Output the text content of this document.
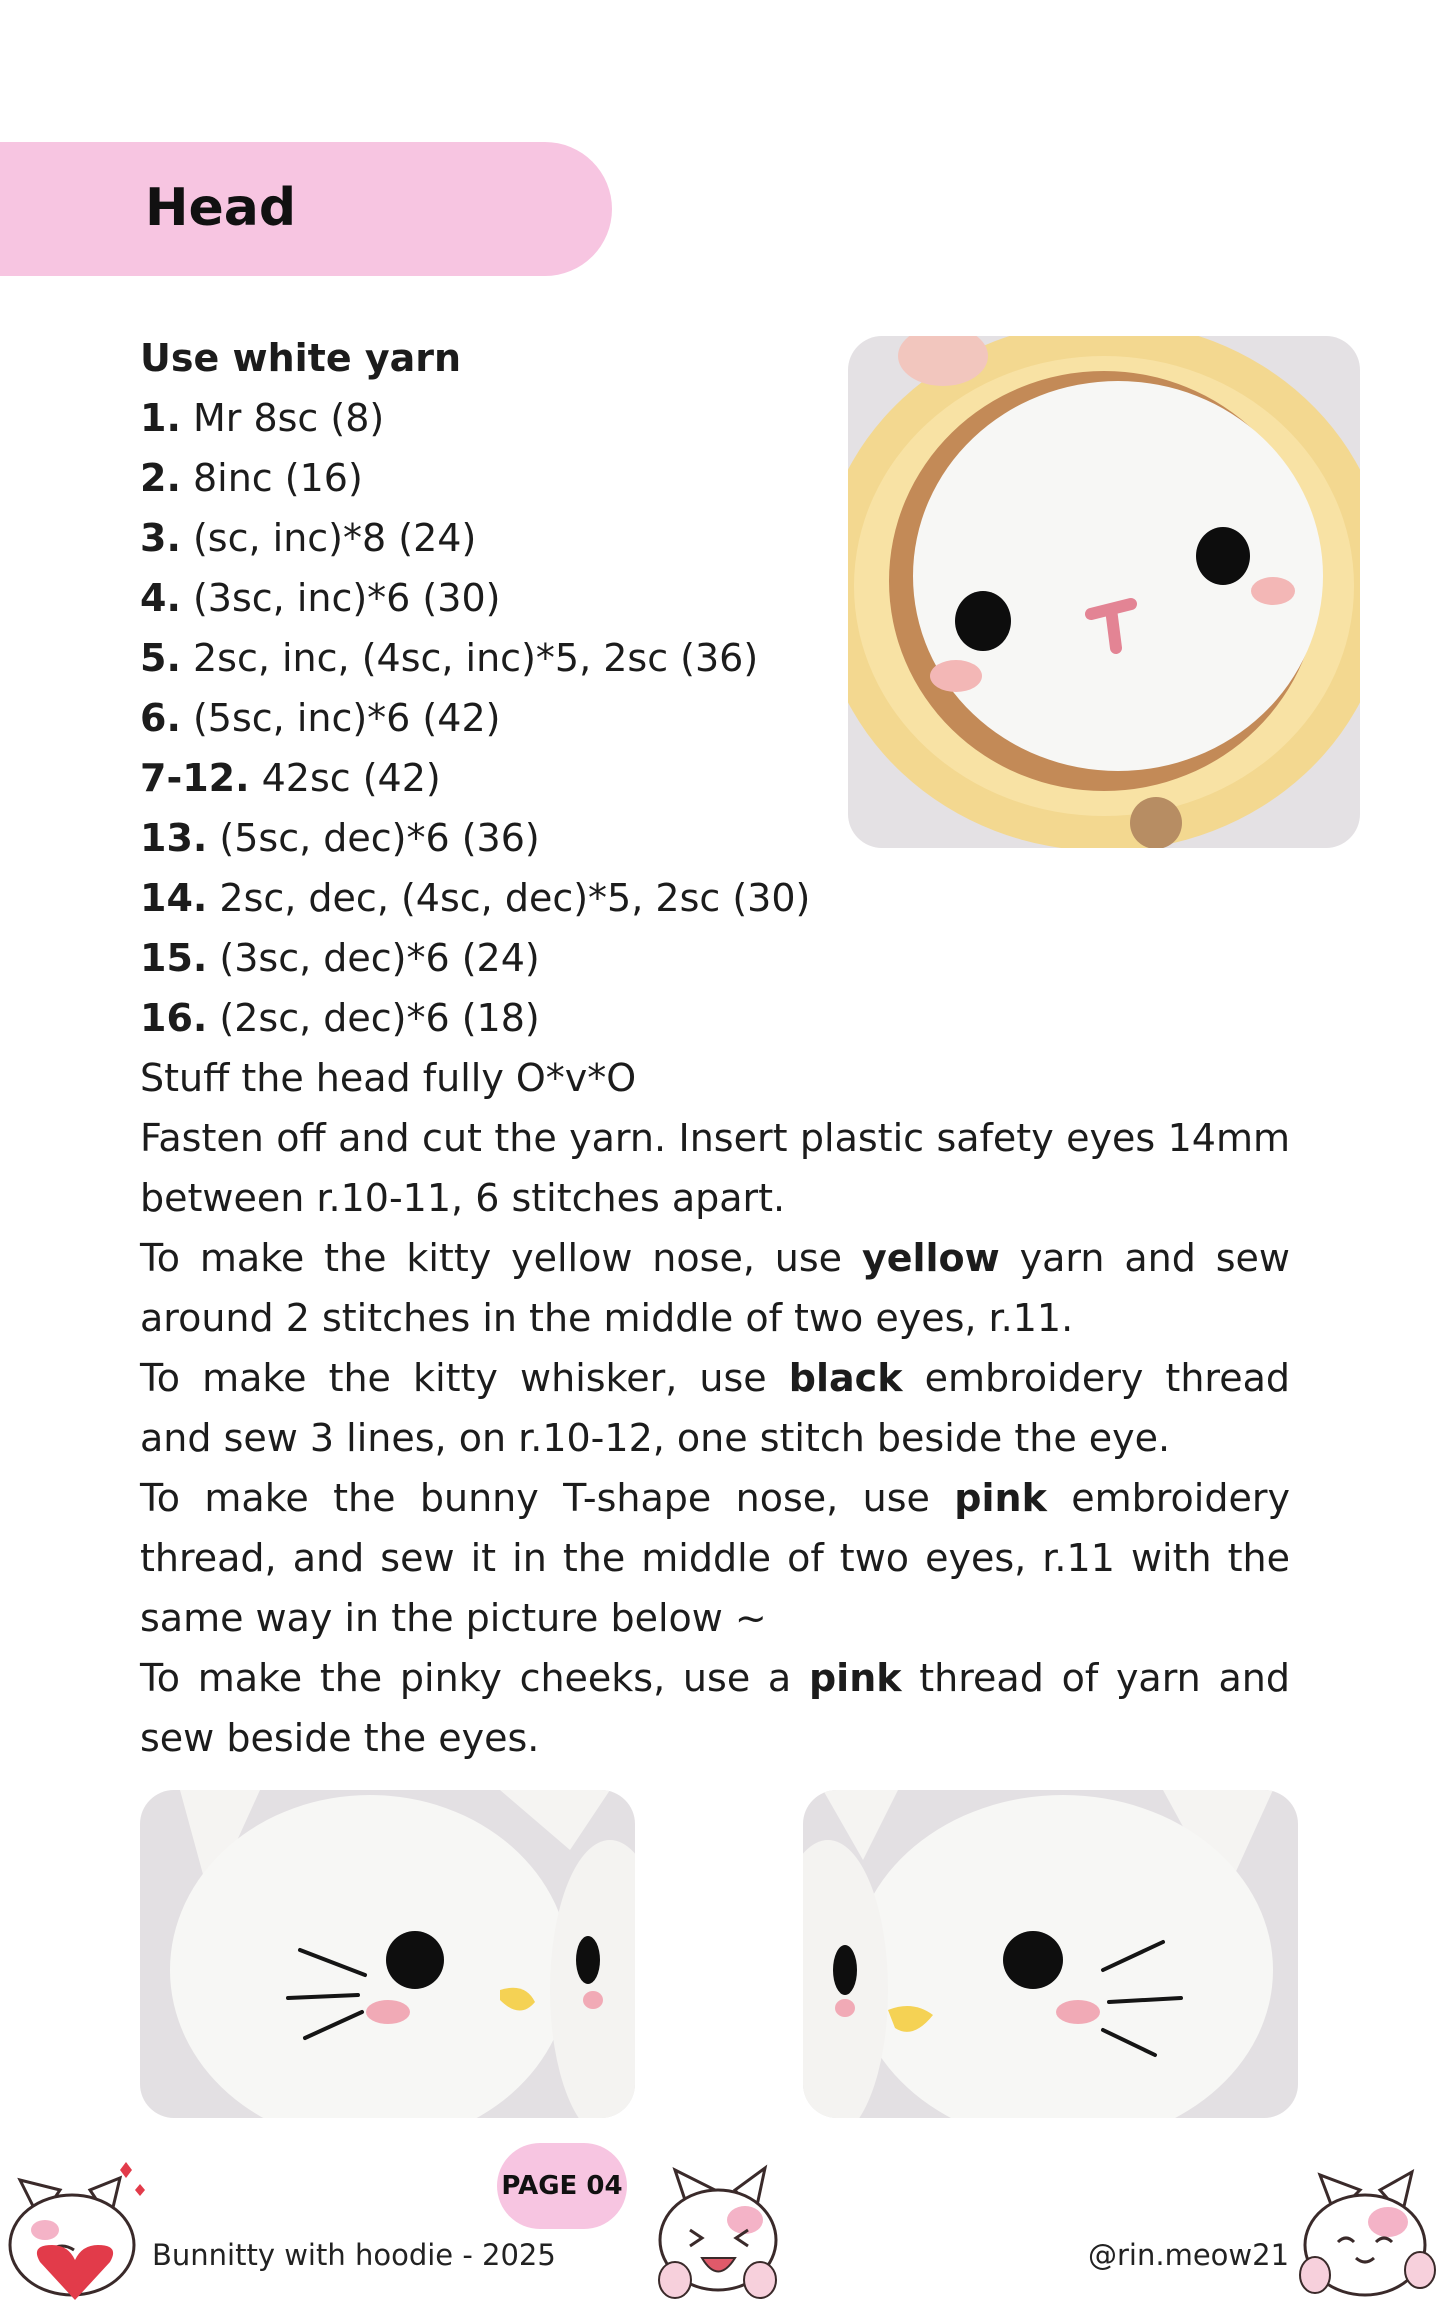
Head
Use white yarn
1. Mr 8sc (8)
2. 8inc (16)
3. (sc, inc)*8 (24)
4. (3sc, inc)*6 (30)
5. 2sc, inc, (4sc, inc)*5, 2sc (36)
6. (5sc, inc)*6 (42)
7-12. 42sc (42)
13. (5sc, dec)*6 (36)
14. 2sc, dec, (4sc, dec)*5, 2sc (30)
15. (3sc, dec)*6 (24)
16. (2sc, dec)*6 (18)
Stuff the head fully O*v*O
Fasten off and cut the yarn. Insert plastic safety eyes 14mm between r.10-11, 6 stitches apart.
To make the kitty yellow nose, use yellow yarn and sew around 2 stitches in the middle of two eyes, r.11.
To make the kitty whisker, use black embroidery thread and sew 3 lines, on r.10-12, one stitch beside the eye.
To make the bunny T-shape nose, use pink embroidery thread, and sew it in the middle of two eyes, r.11 with the same way in the picture below ~
To make the pinky cheeks, use a pink thread of yarn and sew beside the eyes.
Bunnitty with hoodie - 2025
PAGE 04
@rin.meow21
